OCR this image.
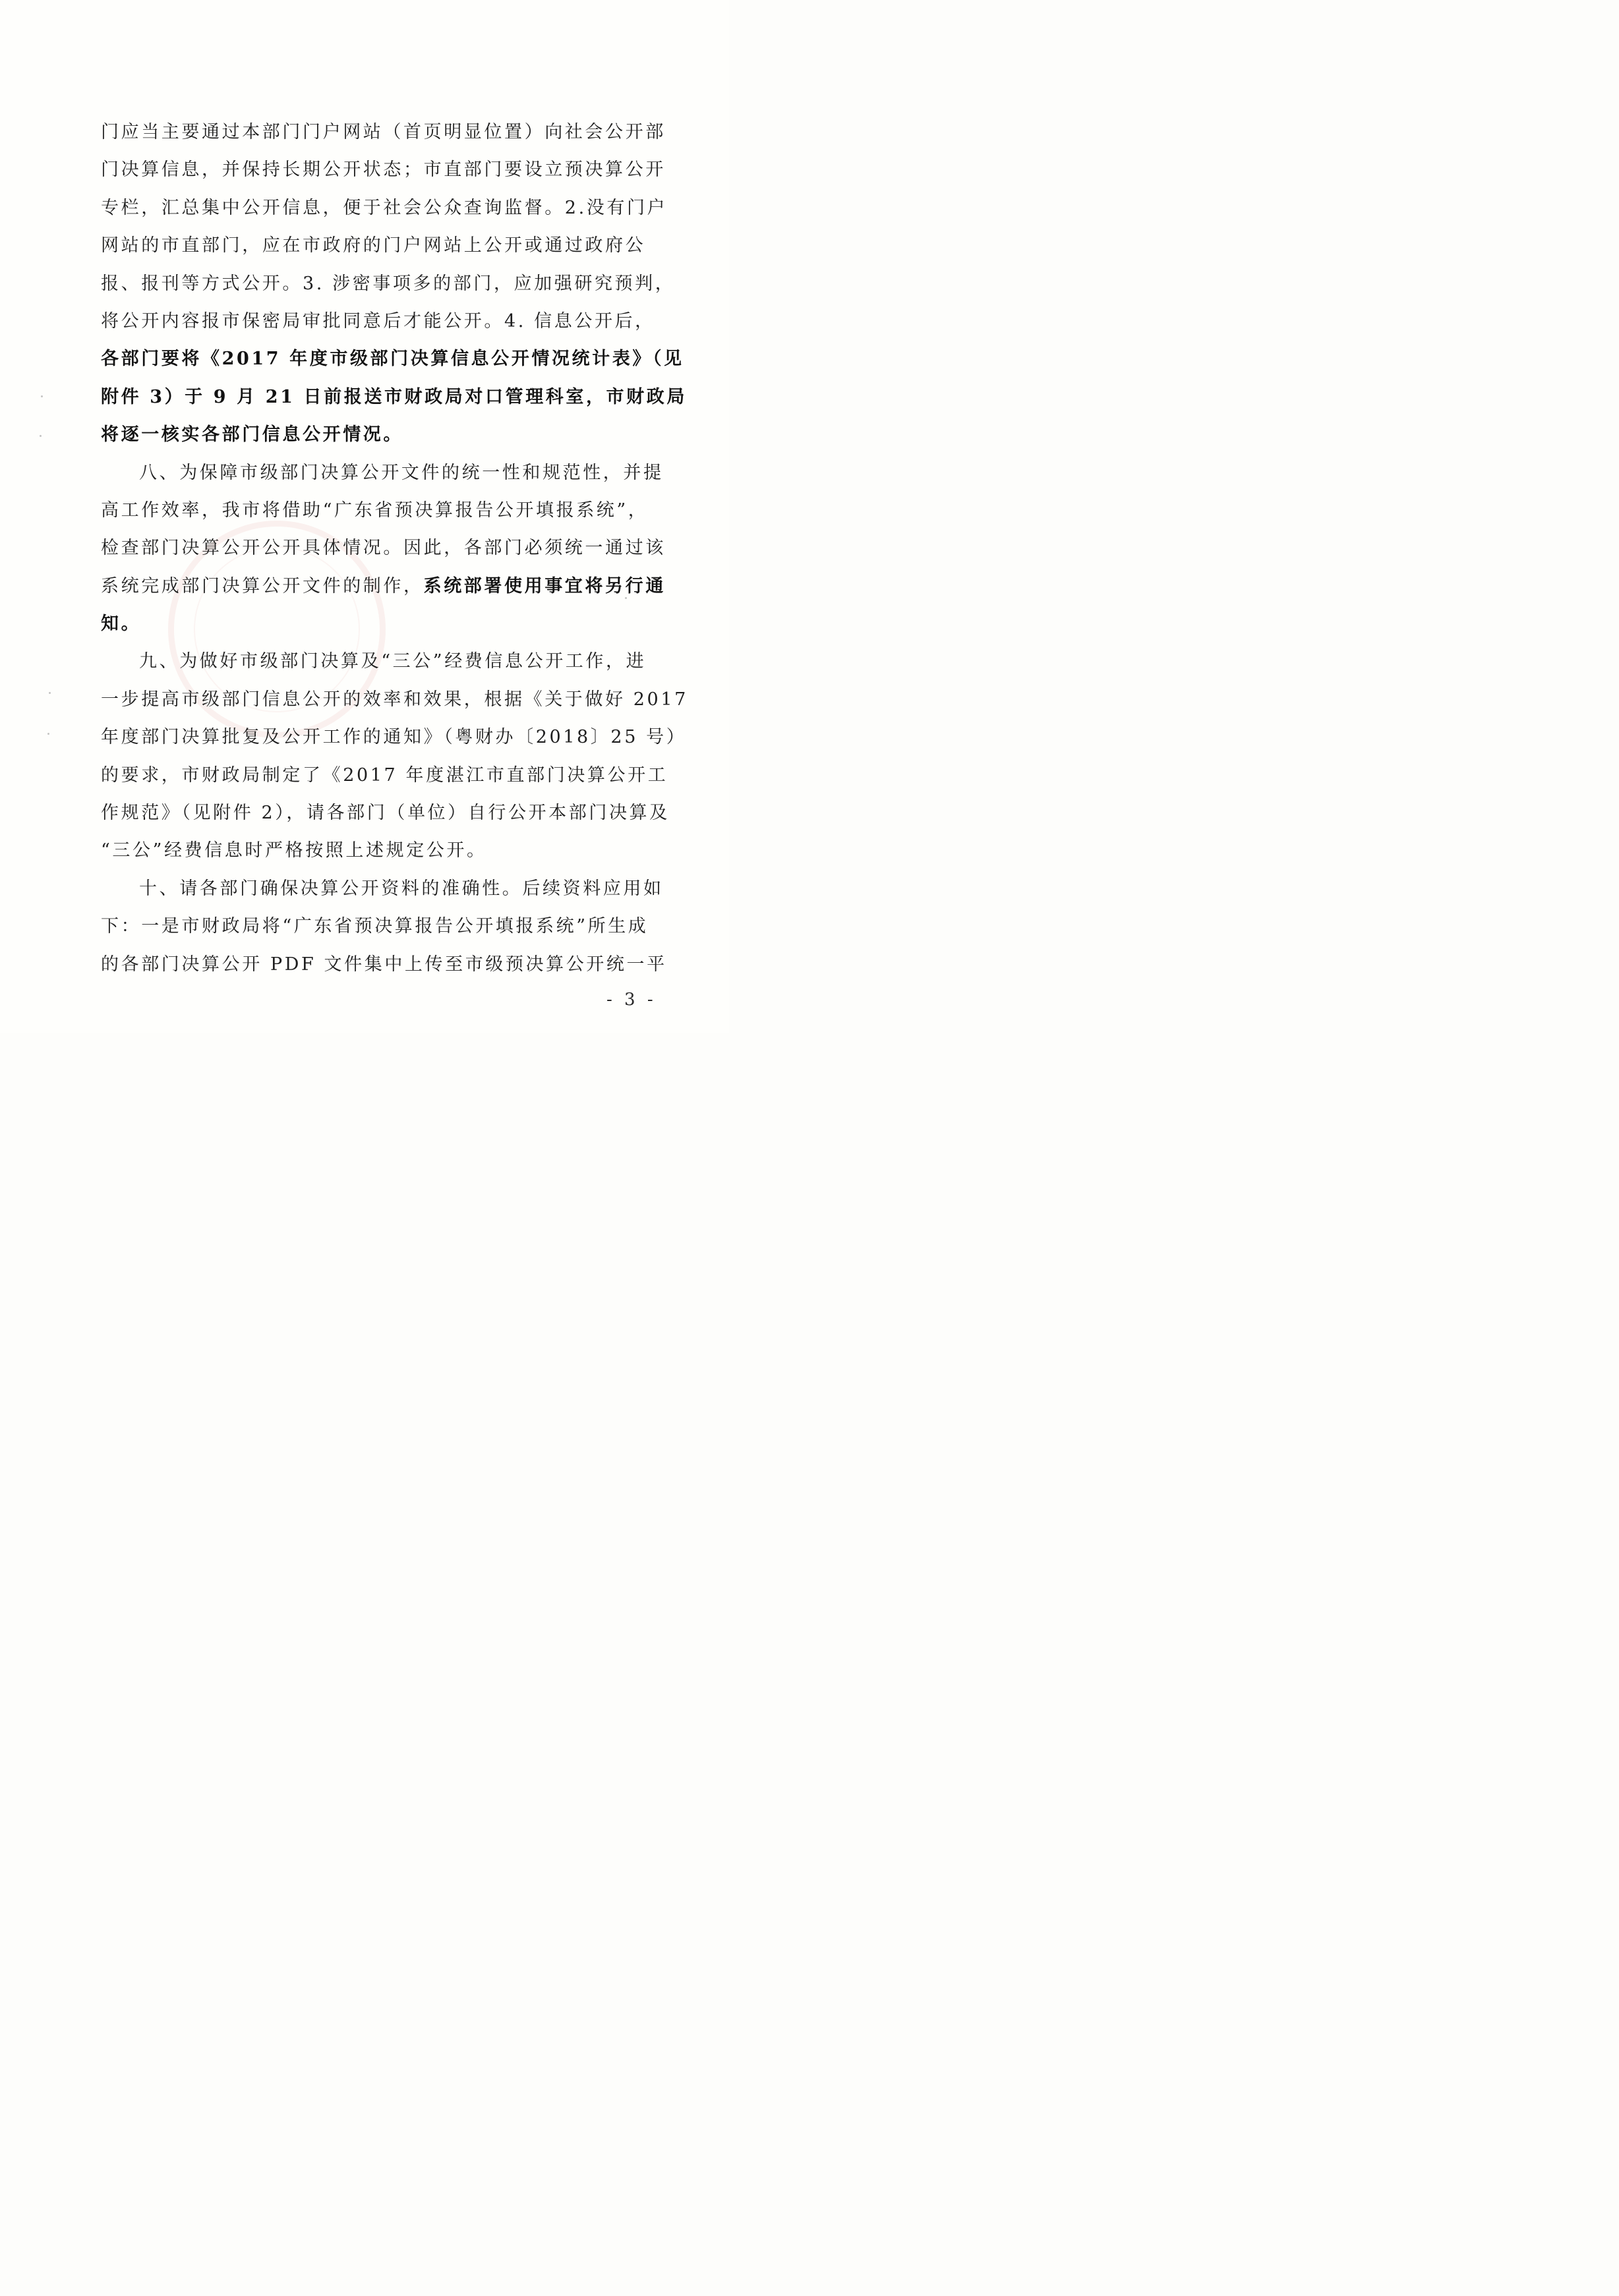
门应当主要通过本部门门户网站（首页明显位置）向社会公开部

门决算信息，并保持长期公开状态；市直部门要设立预决算公开

专栏，汇总集中公开信息，便于社会公众查询监督。2.没有门户

网站的市直部门，应在市政府的门户网站上公开或通过政府公

报、报刊等方式公开。3. 涉密事项多的部门，应加强研究预判，

将公开内容报市保密局审批同意后才能公开。4. 信息公开后，

各部门要将《2017 年度市级部门决算信息公开情况统计表》（见

附件 3）于 9 月 21 日前报送市财政局对口管理科室，市财政局

将逐一核实各部门信息公开情况。

八、为保障市级部门决算公开文件的统一性和规范性，并提

高工作效率，我市将借助“广东省预决算报告公开填报系统”，

检查部门决算公开公开具体情况。因此，各部门必须统一通过该

系统完成部门决算公开文件的制作，系统部署使用事宜将另行通

知。

九、为做好市级部门决算及“三公”经费信息公开工作，进

一步提高市级部门信息公开的效率和效果，根据《关于做好 2017

年度部门决算批复及公开工作的通知》（粤财办〔2018〕25 号）

的要求，市财政局制定了《2017 年度湛江市直部门决算公开工

作规范》（见附件 2），请各部门（单位）自行公开本部门决算及

“三公”经费信息时严格按照上述规定公开。

十、请各部门确保决算公开资料的准确性。后续资料应用如

下：一是市财政局将“广东省预决算报告公开填报系统”所生成

的各部门决算公开 PDF 文件集中上传至市级预决算公开统一平

- 3 -
